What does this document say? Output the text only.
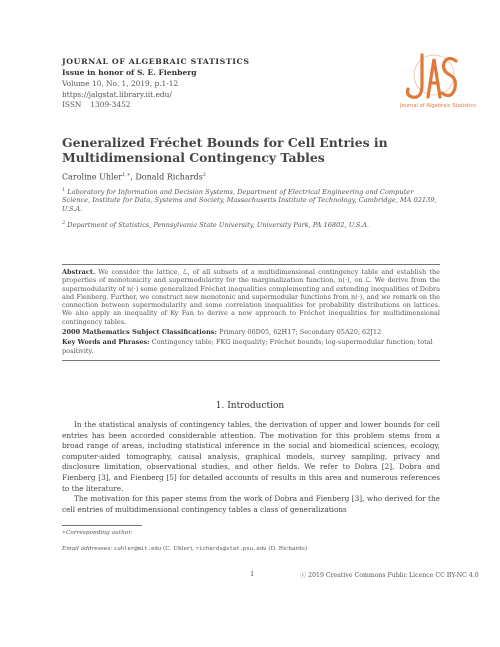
JOURNAL OF ALGEBRAIC STATISTICS
Issue in honor of S. E. Fienberg
Volume 10, No. 1, 2019, p.1-12
https://jalgstat.library.iit.edu/
ISSN 1309-3452	Journal of Algebraic Statistics
Generalized Fréchet Bounds for Cell Entries in Multidimensional Contingency Tables
Caroline Uhler$^{1,∗}$, Donald Richards$^2$
$^1$ Laboratory for Information and Decision Systems, Department of Electrical Engineering and Computer Science, Institute for Data, Systems and Society, Massachusetts Institute of Technology, Cambridge, MA 02139, U.S.A.
$^2$ Department of Statistics, Pennsylvania State University, University Park, PA 16802, U.S.A.

Abstract. We consider the lattice, ℒ, of all subsets of a multidimensional contingency table and establish the properties of monotonicity and supermodularity for the marginalization function, n(·), on ℒ. We derive from the supermodularity of n(·) some generalized Fréchet inequalities complementing and extending inequalities of Dobra and Fienberg. Further, we construct new monotonic and supermodular functions from n(·), and we remark on the connection between supermodularity and some correlation inequalities for probability distributions on lattices. We also apply an inequality of Ky Fan to derive a new approach to Fréchet inequalities for multidimensional contingency tables.

2000 Mathematics Subject Classifications: Primary 06D05, 62H17; Secondary 05A20, 62J12

Key Words and Phrases: Contingency table; FKG inequality; Fréchet bounds; log-supermodular function; total positivity.

1. Introduction

In the statistical analysis of contingency tables, the derivation of upper and lower bounds for cell entries has been accorded considerable attention. The motivation for this problem stems from a broad range of areas, including statistical inference in the social and biomedical sciences, ecology, computer-aided tomography, causal analysis, graphical models, survey sampling, privacy and disclosure limitation, observational studies, and other fields. We refer to Dobra [2], Dobra and Fienberg [3], and Fienberg [5] for detailed accounts of results in this area and numerous references to the literature.

The motivation for this paper stems from the work of Dobra and Fienberg [3], who derived for the cell entries of multidimensional contingency tables a class of generalizations

∗Corresponding author.
Email addresses: cuhler@mit.edu (C. Uhler), richards@stat.psu.edu (D. Richards)
1	ⓒ 2019 Creative Commons Public Licence CC BY-NC 4.0
